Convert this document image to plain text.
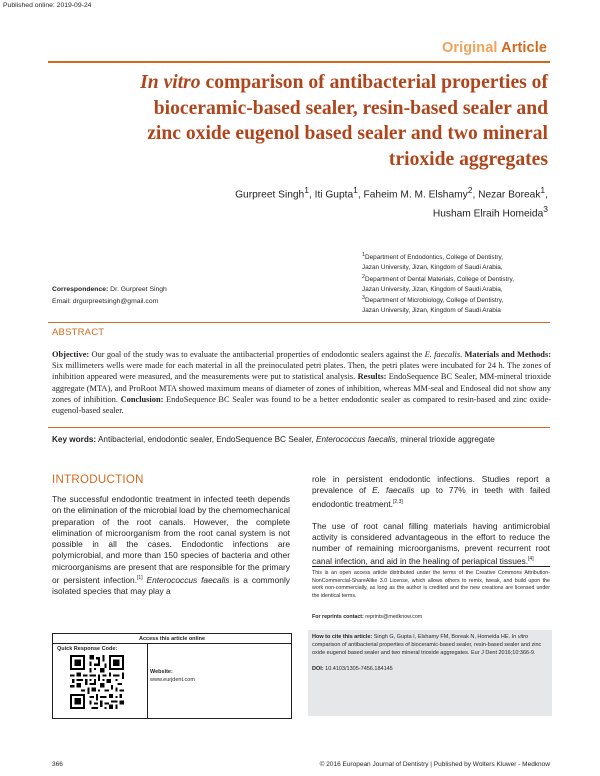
Published online: 2019-09-24
Original Article
In vitro comparison of antibacterial properties of
bioceramic-based sealer, resin-based sealer and
zinc oxide eugenol based sealer and two mineral
trioxide aggregates
Gurpreet Singh$^1$, Iti Gupta$^1$, Faheim M. M. Elshamy$^2$, Nezar Boreak$^1$,
Husham Elraih Homeida$^3$
$^1$Department of Endodontics, College of Dentistry,
Jazan University, Jizan, Kingdom of Saudi Arabia,
$^2$Department of Dental Materials, College of Dentistry,
Jazan University, Jizan, Kingdom of Saudi Arabia,
$^3$Department of Microbiology, College of Dentistry,
Jazan University, Jizan, Kingdom of Saudi Arabia
Correspondence: Dr. Gurpreet Singh
Email: drgurpreetsingh@gmail.com
ABSTRACT
Objective: Our goal of the study was to evaluate the antibacterial properties of endodontic sealers against the E. faecalis. Materials and Methods: Six millimeters wells were made for each material in all the preinoculated petri plates. Then, the petri plates were incubated for 24 h. The zones of inhibition appeared were measured, and the measurements were put to statistical analysis. Results: EndoSequence BC Sealer, MM-mineral trioxide aggregate (MTA), and ProRoot MTA showed maximum means of diameter of zones of inhibition, whereas MM-seal and Endoseal did not show any zones of inhibition. Conclusion: EndoSequence BC Sealer was found to be a better endodontic sealer as compared to resin-based and zinc oxide-eugenol-based sealer.
Key words: Antibacterial, endodontic sealer, EndoSequence BC Sealer, Enterococcus faecalis, mineral trioxide aggregate
INTRODUCTION

The successful endodontic treatment in infected teeth depends on the elimination of the microbial load by the chemomechanical preparation of the root canals. However, the complete elimination of microorganism from the root canal system is not possible in all the cases. Endodontic infections are polymicrobial, and more than 150 species of bacteria and other microorganisms are present that are responsible for the primary or persistent infection.[1] Enterococcus faecalis is a commonly isolated species that may play a

role in persistent endodontic infections. Studies report a prevalence of E. faecalis up to 77% in teeth with failed endodontic treatment.[2,3]

The use of root canal filling materials having antimicrobial activity is considered advantageous in the effort to reduce the number of remaining microorganisms, prevent recurrent root canal infection, and aid in the healing of periapical tissues.[4]

This is an open access article distributed under the terms of the Creative Commons Attribution-NonCommercial-ShareAlike 3.0 License, which allows others to remix, tweak, and build upon the work non-commercially, as long as the author is credited and the new creations are licensed under the identical terms.
For reprints contact: reprints@medknow.com
How to cite this article: Singh G, Gupta I, Elshamy FM, Boreak N, Homeida HE. In vitro comparison of antibacterial properties of bioceramic-based sealer, resin-based sealer and zinc oxide eugenol based sealer and two mineral trioxide aggregates. Eur J Dent 2016;10:366-9.

DOI: 10.4103/1305-7456.184145
Access this article online
Quick Response Code:
Website:
www.eurjdent.com
366	© 2016 European Journal of Dentistry | Published by Wolters Kluwer - Medknow
